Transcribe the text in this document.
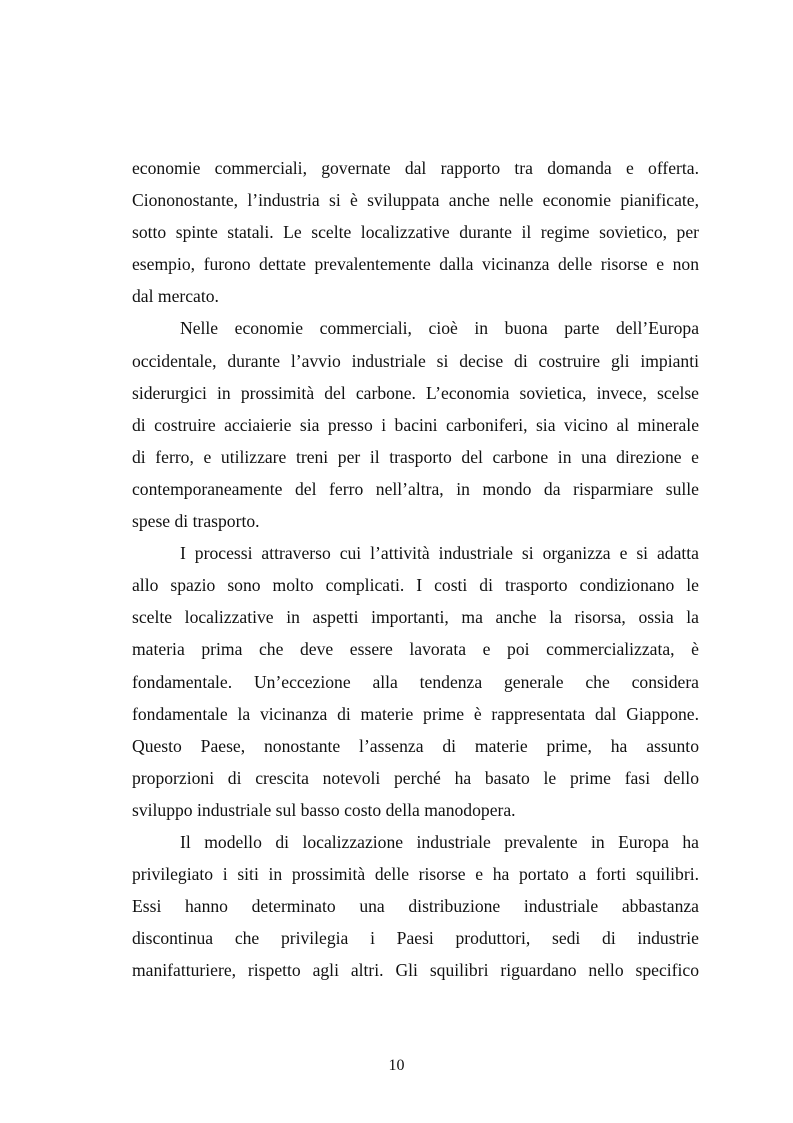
economie commerciali, governate dal rapporto tra domanda e offerta.
Ciononostante, l’industria si è sviluppata anche nelle economie pianificate,
sotto spinte statali. Le scelte localizzative durante il regime sovietico, per
esempio, furono dettate prevalentemente dalla vicinanza delle risorse e non
dal mercato.

Nelle economie commerciali, cioè in buona parte dell’Europa
occidentale, durante l’avvio industriale si decise di costruire gli impianti
siderurgici in prossimità del carbone. L’economia sovietica, invece, scelse
di costruire acciaierie sia presso i bacini carboniferi, sia vicino al minerale
di ferro, e utilizzare treni per il trasporto del carbone in una direzione e
contemporaneamente del ferro nell’altra, in mondo da risparmiare sulle
spese di trasporto.

I processi attraverso cui l’attività industriale si organizza e si adatta
allo spazio sono molto complicati. I costi di trasporto condizionano le
scelte localizzative in aspetti importanti, ma anche la risorsa, ossia la
materia prima che deve essere lavorata e poi commercializzata, è
fondamentale. Un’eccezione alla tendenza generale che considera
fondamentale la vicinanza di materie prime è rappresentata dal Giappone.
Questo Paese, nonostante l’assenza di materie prime, ha assunto
proporzioni di crescita notevoli perché ha basato le prime fasi dello
sviluppo industriale sul basso costo della manodopera.

Il modello di localizzazione industriale prevalente in Europa ha
privilegiato i siti in prossimità delle risorse e ha portato a forti squilibri.
Essi hanno determinato una distribuzione industriale abbastanza
discontinua che privilegia i Paesi produttori, sedi di industrie
manifatturiere, rispetto agli altri. Gli squilibri riguardano nello specifico

10
